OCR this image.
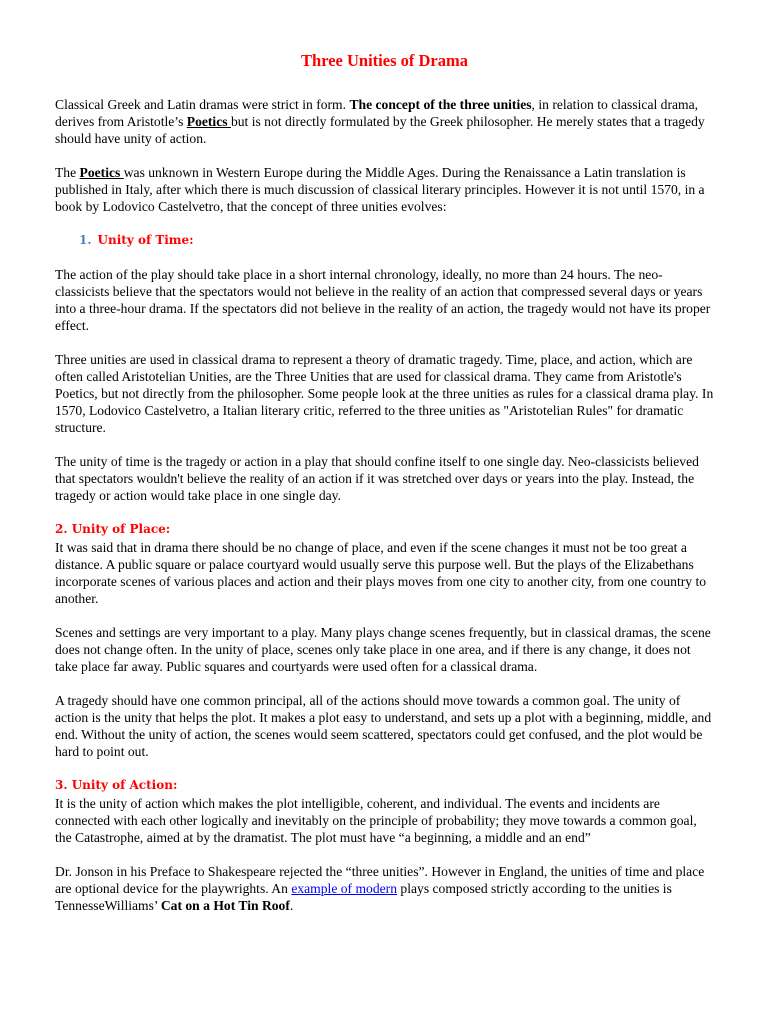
Three Unities of Drama

Classical Greek and Latin dramas were strict in form. The concept of the three unities, in relation to classical drama, derives from Aristotle’s Poetics but is not directly formulated by the Greek philosopher. He merely states that a tragedy should have unity of action.

The Poetics was unknown in Western Europe during the Middle Ages. During the Renaissance a Latin translation is published in Italy, after which there is much discussion of classical literary principles. However it is not until 1570, in a book by Lodovico Castelvetro, that the concept of three unities evolves:

1. Unity of Time:

The action of the play should take place in a short internal chronology, ideally, no more than 24 hours. The neo-classicists believe that the spectators would not believe in the reality of an action that compressed several days or years into a three-hour drama. If the spectators did not believe in the reality of an action, the tragedy would not have its proper effect.

Three unities are used in classical drama to represent a theory of dramatic tragedy. Time, place, and action, which are often called Aristotelian Unities, are the Three Unities that are used for classical drama. They came from Aristotle's Poetics, but not directly from the philosopher. Some people look at the three unities as rules for a classical drama play. In 1570, Lodovico Castelvetro, a Italian literary critic, referred to the three unities as "Aristotelian Rules" for dramatic structure.

The unity of time is the tragedy or action in a play that should confine itself to one single day. Neo-classicists believed that spectators wouldn't believe the reality of an action if it was stretched over days or years into the play. Instead, the tragedy or action would take place in one single day.

2. Unity of Place:

It was said that in drama there should be no change of place, and even if the scene changes it must not be too great a distance. A public square or palace courtyard would usually serve this purpose well. But the plays of the Elizabethans incorporate scenes of various places and action and their plays moves from one city to another city, from one country to another.

Scenes and settings are very important to a play. Many plays change scenes frequently, but in classical dramas, the scene does not change often. In the unity of place, scenes only take place in one area, and if there is any change, it does not take place far away. Public squares and courtyards were used often for a classical drama.

A tragedy should have one common principal, all of the actions should move towards a common goal. The unity of action is the unity that helps the plot. It makes a plot easy to understand, and sets up a plot with a beginning, middle, and end. Without the unity of action, the scenes would seem scattered, spectators could get confused, and the plot would be hard to point out.

3. Unity of Action:

It is the unity of action which makes the plot intelligible, coherent, and individual. The events and incidents are connected with each other logically and inevitably on the principle of probability; they move towards a common goal, the Catastrophe, aimed at by the dramatist. The plot must have “a beginning, a middle and an end”

Dr. Jonson in his Preface to Shakespeare rejected the “three unities”. However in England, the unities of time and place are optional device for the playwrights. An example of modern plays composed strictly according to the unities is TennesseWilliams’ Cat on a Hot Tin Roof.
